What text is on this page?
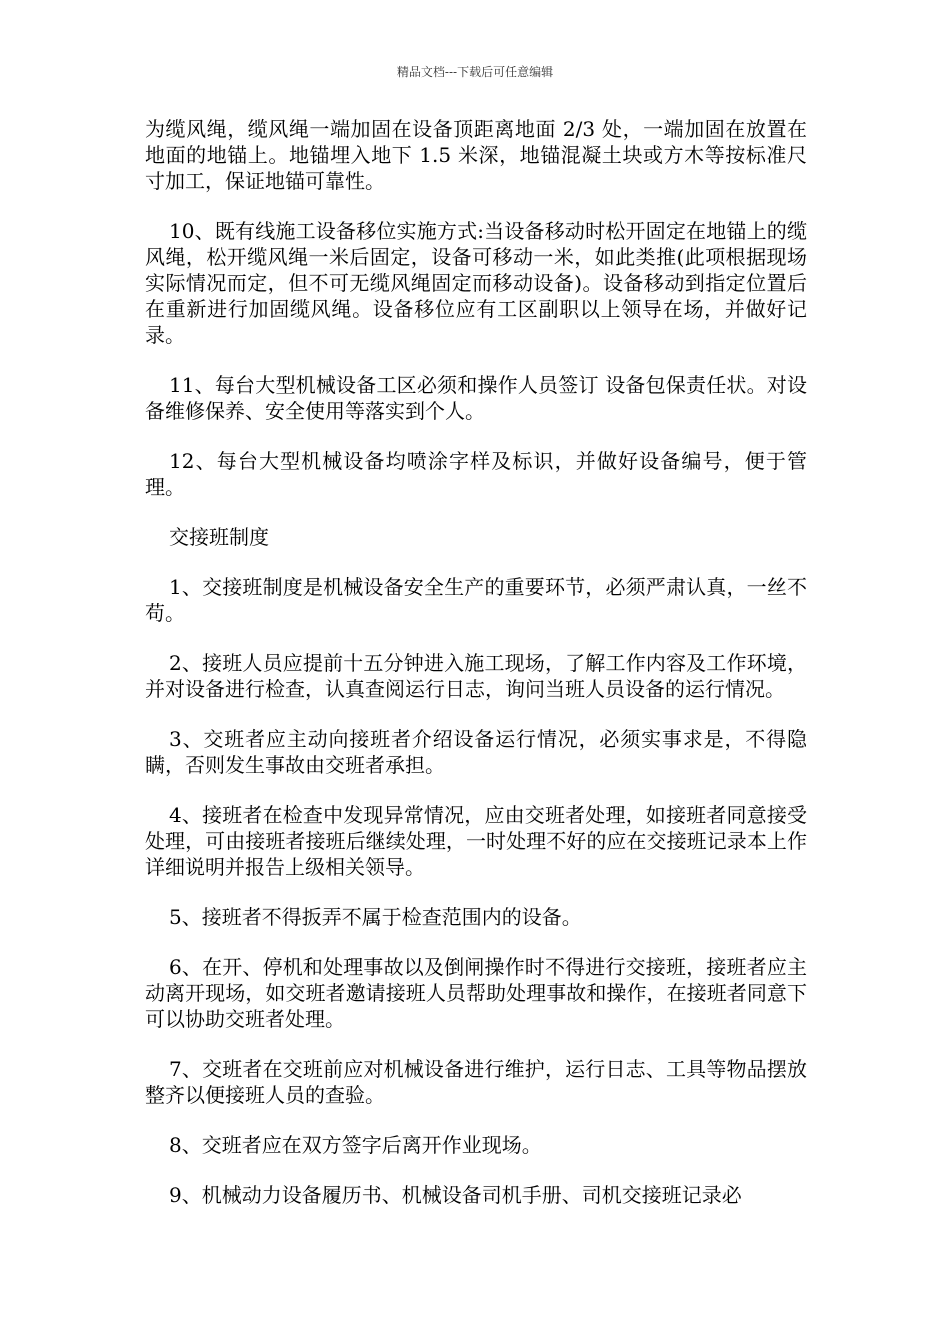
精品文档---下载后可任意编辑

为缆风绳，缆风绳一端加固在设备顶距离地面 2/3 处，一端加固在放置在地面的地锚上。地锚埋入地下 1.5 米深，地锚混凝土块或方木等按标准尺寸加工，保证地锚可靠性。

10、既有线施工设备移位实施方式:当设备移动时松开固定在地锚上的缆风绳，松开缆风绳一米后固定，设备可移动一米，如此类推(此项根据现场实际情况而定，但不可无缆风绳固定而移动设备)。设备移动到指定位置后在重新进行加固缆风绳。设备移位应有工区副职以上领导在场，并做好记录。

11、每台大型机械设备工区必须和操作人员签订 设备包保责任状。对设备维修保养、安全使用等落实到个人。

12、每台大型机械设备均喷涂字样及标识，并做好设备编号，便于管理。

交接班制度

1、交接班制度是机械设备安全生产的重要环节，必须严肃认真，一丝不苟。

2、接班人员应提前十五分钟进入施工现场，了解工作内容及工作环境，并对设备进行检查，认真查阅运行日志，询问当班人员设备的运行情况。

3、交班者应主动向接班者介绍设备运行情况，必须实事求是，不得隐瞒，否则发生事故由交班者承担。

4、接班者在检查中发现异常情况，应由交班者处理，如接班者同意接受处理，可由接班者接班后继续处理，一时处理不好的应在交接班记录本上作详细说明并报告上级相关领导。

5、接班者不得扳弄不属于检查范围内的设备。

6、在开、停机和处理事故以及倒闸操作时不得进行交接班，接班者应主动离开现场，如交班者邀请接班人员帮助处理事故和操作，在接班者同意下可以协助交班者处理。

7、交班者在交班前应对机械设备进行维护，运行日志、工具等物品摆放整齐以便接班人员的查验。

8、交班者应在双方签字后离开作业现场。

9、机械动力设备履历书、机械设备司机手册、司机交接班记录必
